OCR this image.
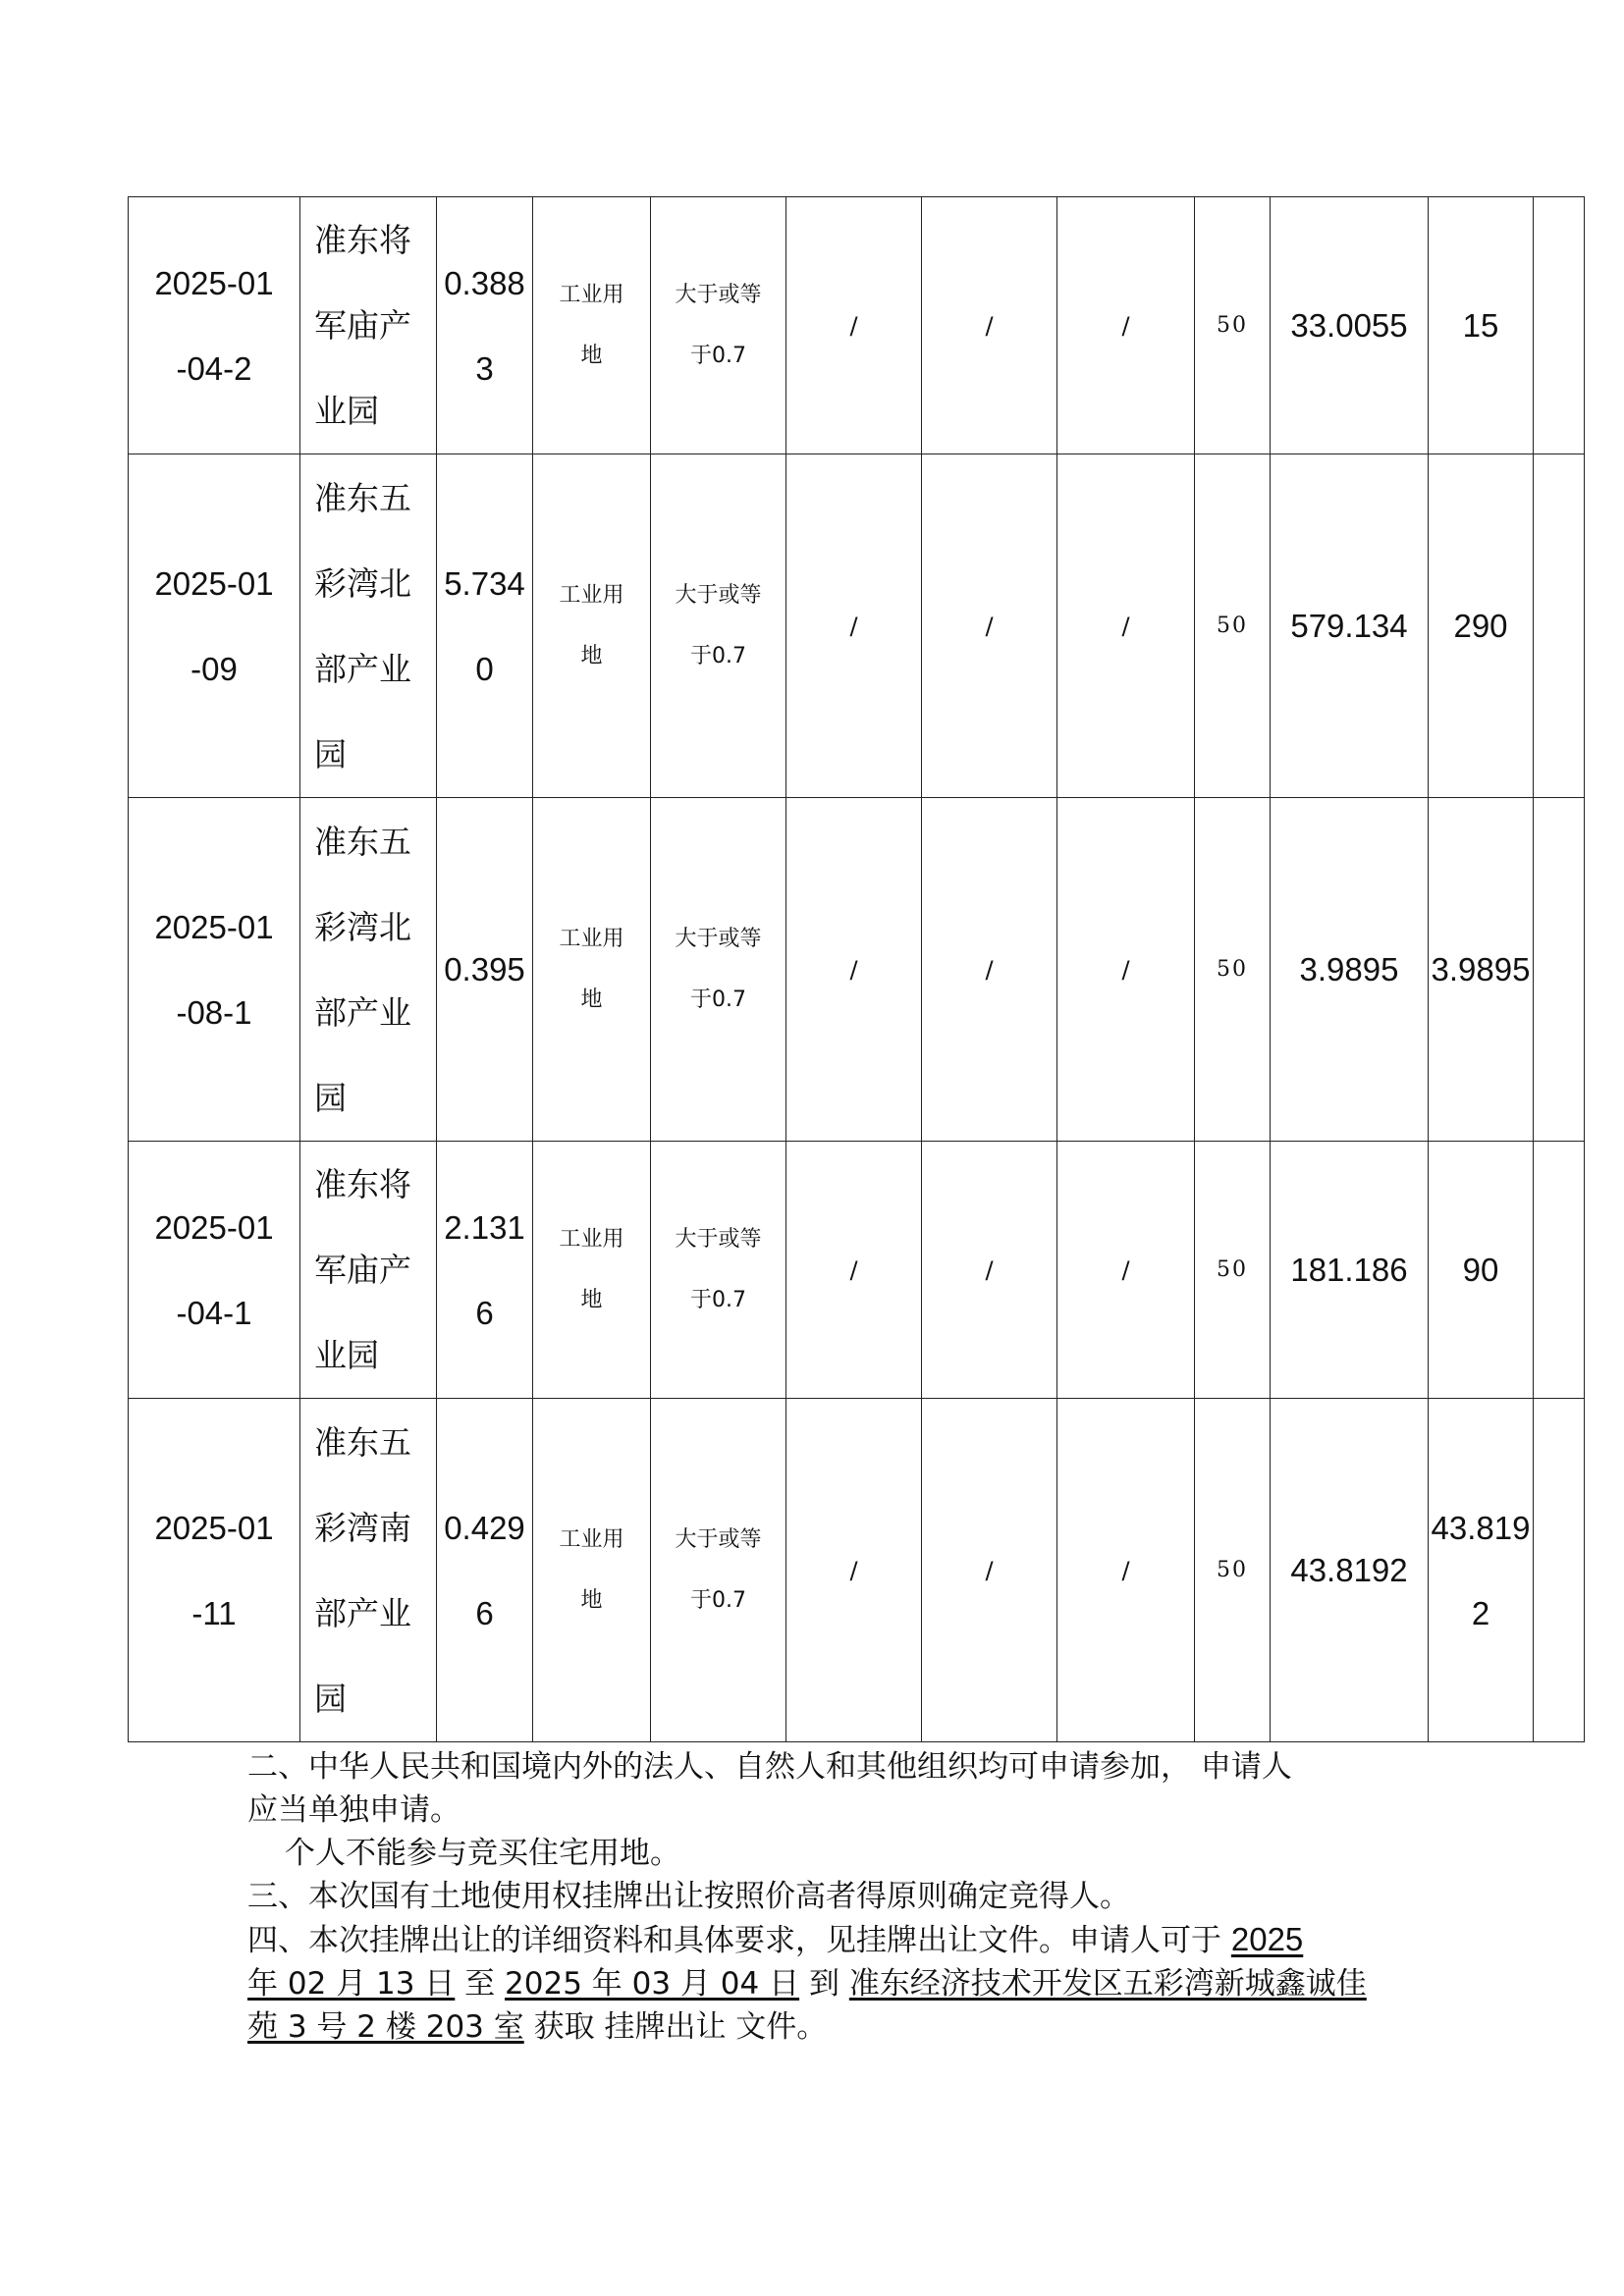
2025-01
-04-2	准东将军庙产业园	0.3883	工业用地	大于或等于0.7	/	/	/	50	33.0055	15	
2025-01
-09	准东五彩湾北部产业园	5.7340	工业用地	大于或等于0.7	/	/	/	50	579.134	290	
2025-01
-08-1	准东五彩湾北部产业园	0.395	工业用地	大于或等于0.7	/	/	/	50	3.9895	3.9895	
2025-01
-04-1	准东将军庙产业园	2.1316	工业用地	大于或等于0.7	/	/	/	50	181.186	90	
2025-01
-11	准东五彩湾南部产业园	0.4296	工业用地	大于或等于0.7	/	/	/	50	43.8192	43.8192	

二、中华人民共和国境内外的法人、自然人和其他组织均可申请参加， 申请人
应当单独申请。
个人不能参与竞买住宅用地。

三、本次国有土地使用权挂牌出让按照价高者得原则确定竞得人。

四、本次挂牌出让的详细资料和具体要求，见挂牌出让文件。申请人可于 2025
年 02 月 13 日 至 2025 年 03 月 04 日 到 准东经济技术开发区五彩湾新城鑫诚佳
苑 3 号 2 楼 203 室 获取 挂牌出让 文件。
